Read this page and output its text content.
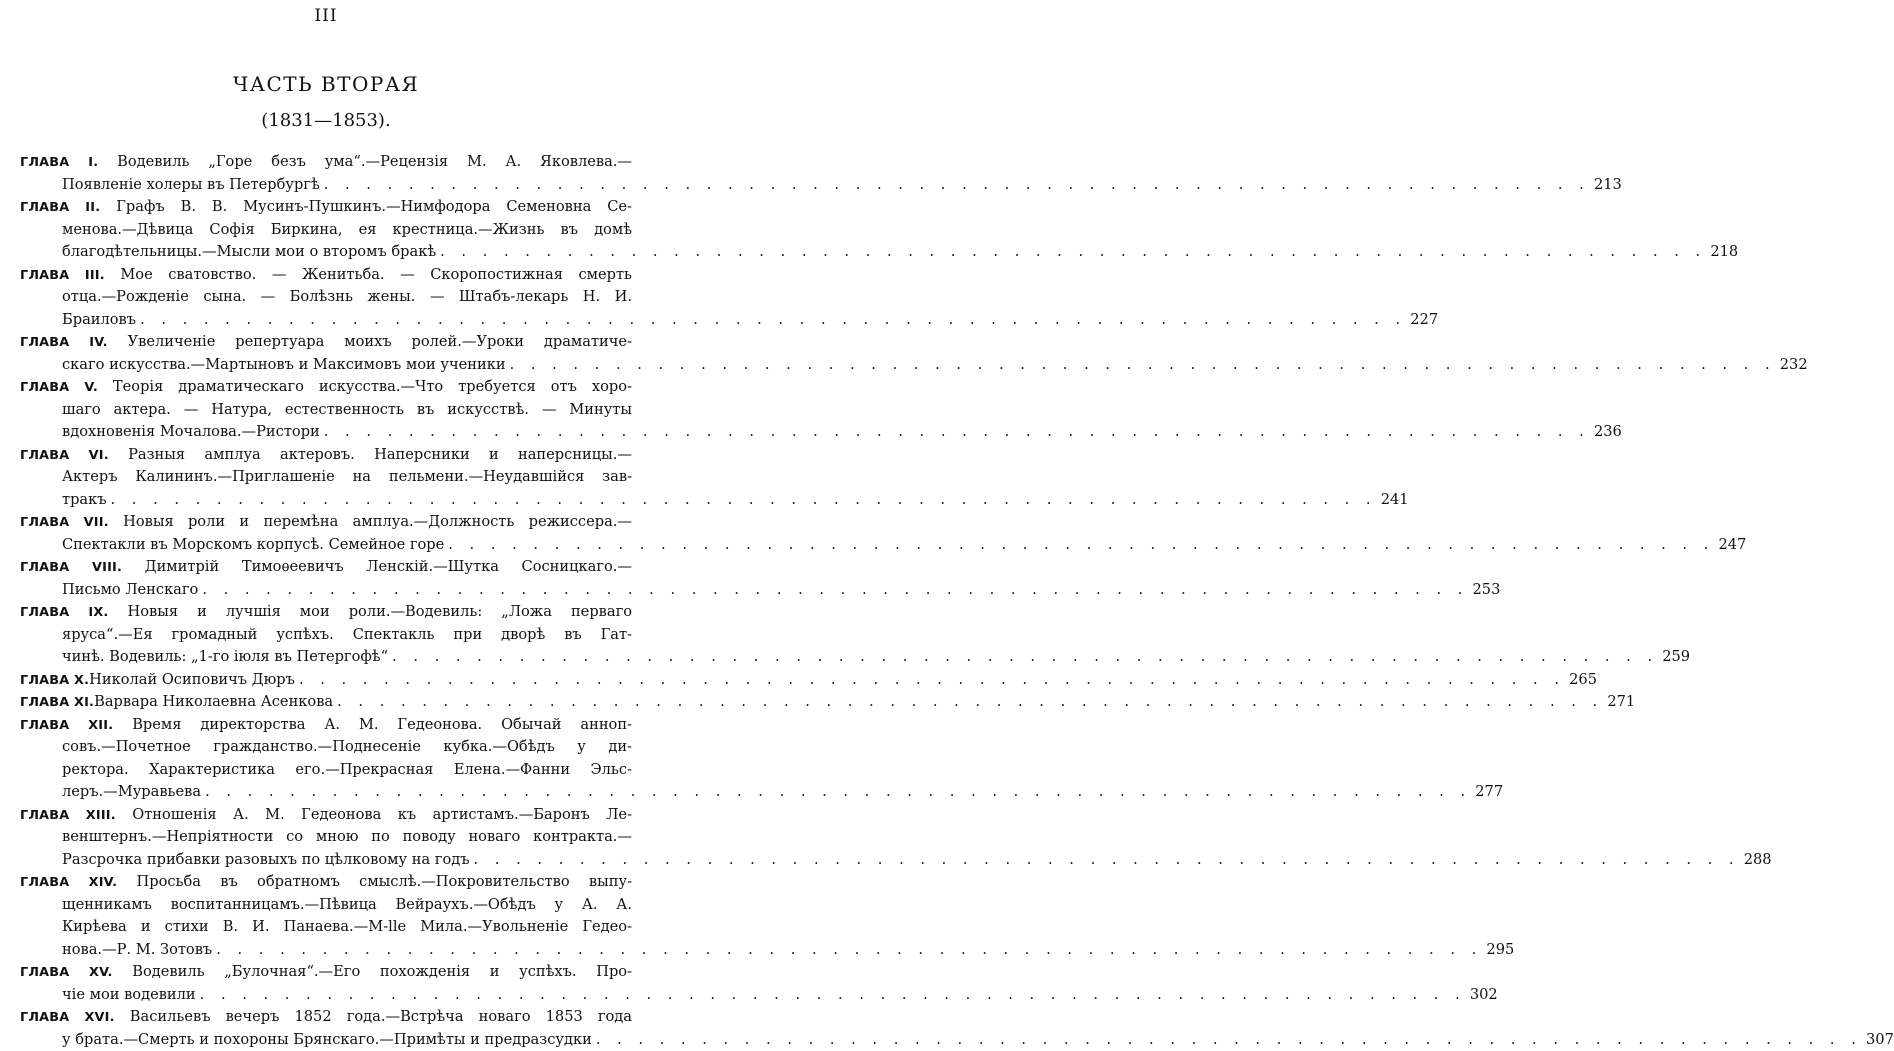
III
ЧАСТЬ ВТОРАЯ
(1831—1853).
ГЛАВА I. Водевиль „Горе безъ ума“.—Рецензія М. А. Яковлева.—
Появленіе холеры въ Петербургѣ . . . . . . . . . . . . . . . . . . . . . . . . . . . . . . . . . . . . . . . . . . . . . . . . . . . . . . . . . . . . 213
ГЛАВА II. Графъ В. В. Мусинъ-Пушкинъ.—Нимфодора Семеновна Се-
менова.—Дѣвица Софія Биркина, ея крестница.—Жизнь въ домѣ
благодѣтельницы.—Мысли мои о второмъ бракѣ . . . . . . . . . . . . . . . . . . . . . . . . . . . . . . . . . . . . . . . . . . . . . . . . . . . . . . . . . . . . 218
ГЛАВА III. Мое сватовство. — Женитьба. — Скоропостижная смерть
отца.—Рожденіе сына. — Болѣзнь жены. — Штабъ-лекарь Н. И.
Браиловъ . . . . . . . . . . . . . . . . . . . . . . . . . . . . . . . . . . . . . . . . . . . . . . . . . . . . . . . . . . . . 227
ГЛАВА IV. Увеличеніе репертуара моихъ ролей.—Уроки драматиче-
скаго искусства.—Мартыновъ и Максимовъ мои ученики . . . . . . . . . . . . . . . . . . . . . . . . . . . . . . . . . . . . . . . . . . . . . . . . . . . . . . . . . . . . 232
ГЛАВА V. Теорія драматическаго искусства.—Что требуется отъ хоро-
шаго актера. — Натура, естественность въ искусствѣ. — Минуты
вдохновенія Мочалова.—Ристори . . . . . . . . . . . . . . . . . . . . . . . . . . . . . . . . . . . . . . . . . . . . . . . . . . . . . . . . . . . . 236
ГЛАВА VI. Разныя амплуа актеровъ. Наперсники и наперсницы.—
Актеръ Калининъ.—Приглашеніе на пельмени.—Неудавшійся зав-
тракъ . . . . . . . . . . . . . . . . . . . . . . . . . . . . . . . . . . . . . . . . . . . . . . . . . . . . . . . . . . . . 241
ГЛАВА VII. Новыя роли и перемѣна амплуа.—Должность режиссера.—
Спектакли въ Морскомъ корпусѣ. Семейное горе . . . . . . . . . . . . . . . . . . . . . . . . . . . . . . . . . . . . . . . . . . . . . . . . . . . . . . . . . . . . 247
ГЛАВА VIII. Димитрій Тимоѳеевичъ Ленскій.—Шутка Сосницкаго.—
Письмо Ленскаго . . . . . . . . . . . . . . . . . . . . . . . . . . . . . . . . . . . . . . . . . . . . . . . . . . . . . . . . . . . . 253
ГЛАВА IX. Новыя и лучшія мои роли.—Водевиль: „Ложа перваго
яруса“.—Ея громадный успѣхъ. Спектакль при дворѣ въ Гат-
чинѣ. Водевиль: „1-го іюля въ Петергофѣ“ . . . . . . . . . . . . . . . . . . . . . . . . . . . . . . . . . . . . . . . . . . . . . . . . . . . . . . . . . . . . 259
ГЛАВА X. Николай Осиповичъ Дюръ . . . . . . . . . . . . . . . . . . . . . . . . . . . . . . . . . . . . . . . . . . . . . . . . . . . . . . . . . . . . 265
ГЛАВА XI. Варвара Николаевна Асенкова . . . . . . . . . . . . . . . . . . . . . . . . . . . . . . . . . . . . . . . . . . . . . . . . . . . . . . . . . . . . 271
ГЛАВА XII. Время директорства А. М. Гедеонова. Обычай анноп-
совъ.—Почетное гражданство.—Поднесеніе кубка.—Обѣдъ у ди-
ректора. Характеристика его.—Прекрасная Елена.—Фанни Эльс-
леръ.—Муравьева . . . . . . . . . . . . . . . . . . . . . . . . . . . . . . . . . . . . . . . . . . . . . . . . . . . . . . . . . . . . 277
ГЛАВА XIII. Отношенія А. М. Гедеонова къ артистамъ.—Баронъ Ле-
венштернъ.—Непріятности со мною по поводу новаго контракта.—
Разсрочка прибавки разовыхъ по цѣлковому на годъ . . . . . . . . . . . . . . . . . . . . . . . . . . . . . . . . . . . . . . . . . . . . . . . . . . . . . . . . . . . . 288
ГЛАВА XIV. Просьба въ обратномъ смыслѣ.—Покровительство выпу-
щенникамъ воспитанницамъ.—Пѣвица Вейраухъ.—Обѣдъ у А. А.
Кирѣева и стихи В. И. Панаева.—М-lle Мила.—Увольненіе Гедео-
нова.—Р. М. Зотовъ . . . . . . . . . . . . . . . . . . . . . . . . . . . . . . . . . . . . . . . . . . . . . . . . . . . . . . . . . . . . 295
ГЛАВА XV. Водевиль „Булочная“.—Его похожденія и успѣхъ. Про-
чіе мои водевили . . . . . . . . . . . . . . . . . . . . . . . . . . . . . . . . . . . . . . . . . . . . . . . . . . . . . . . . . . . . 302
ГЛАВА XVI. Васильевъ вечеръ 1852 года.—Встрѣча новаго 1853 года
у брата.—Смерть и похороны Брянскаго.—Примѣты и предразсудки . . . . . . . . . . . . . . . . . . . . . . . . . . . . . . . . . . . . . . . . . . . . . . . . . . . . . . . . . . . . 307
